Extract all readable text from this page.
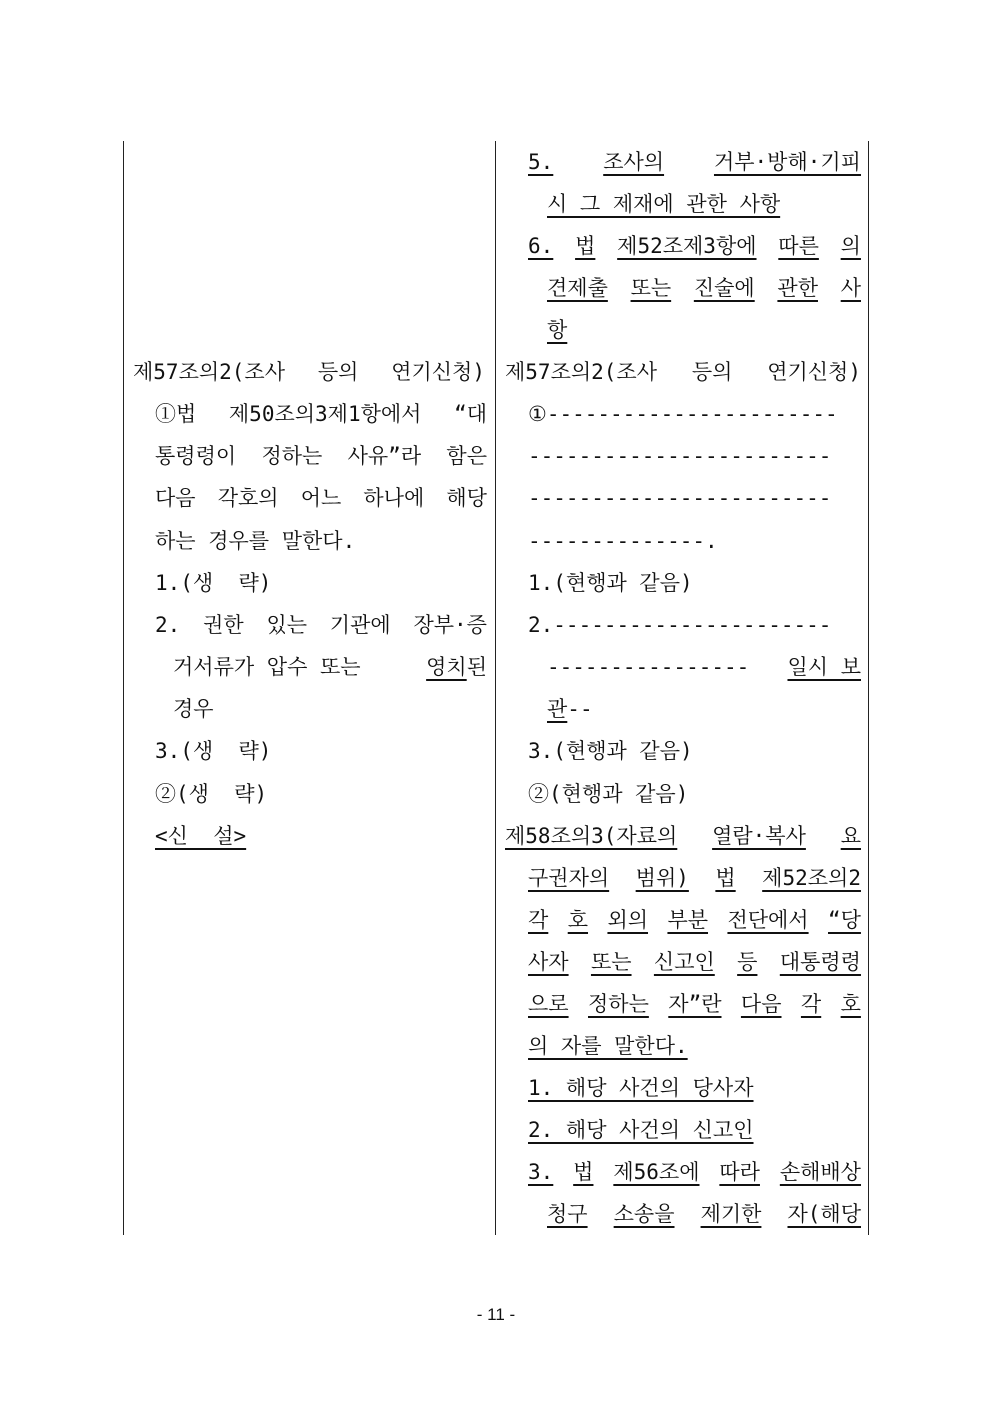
제57조의2(조사 등의 연기신청)
①법 제50조의3제1항에서 “대
통령령이 정하는 사유”라 함은
다음 각호의 어느 하나에 해당
하는 경우를 말한다.
1.(생  략)
2. 권한 있는 기관에 장부·증
거서류가 압수 또는	영치된
경우
3.(생  략)
②(생  략)
<신  설>
5. 조사의 거부·방해·기피
시 그 제재에 관한 사항
6. 법 제52조제3항에 따른 의
견제출 또는 진술에 관한 사
항
제57조의2(조사 등의 연기신청)
①-----------------------
------------------------
------------------------
--------------.
1.(현행과 같음)
2.----------------------
---------------- 일시 보
관 --
3.(현행과 같음)
②(현행과 같음)
제58조의3(자료의 열람·복사 요
구권자의 범위) 법 제52조의2
각 호 외의 부분 전단에서 “당
사자 또는 신고인 등 대통령령
으로 정하는 자”란 다음 각 호
의 자를 말한다.
1. 해당 사건의 당사자
2. 해당 사건의 신고인
3. 법 제56조에 따라 손해배상
청구 소송을 제기한 자(해당
- 11 -
